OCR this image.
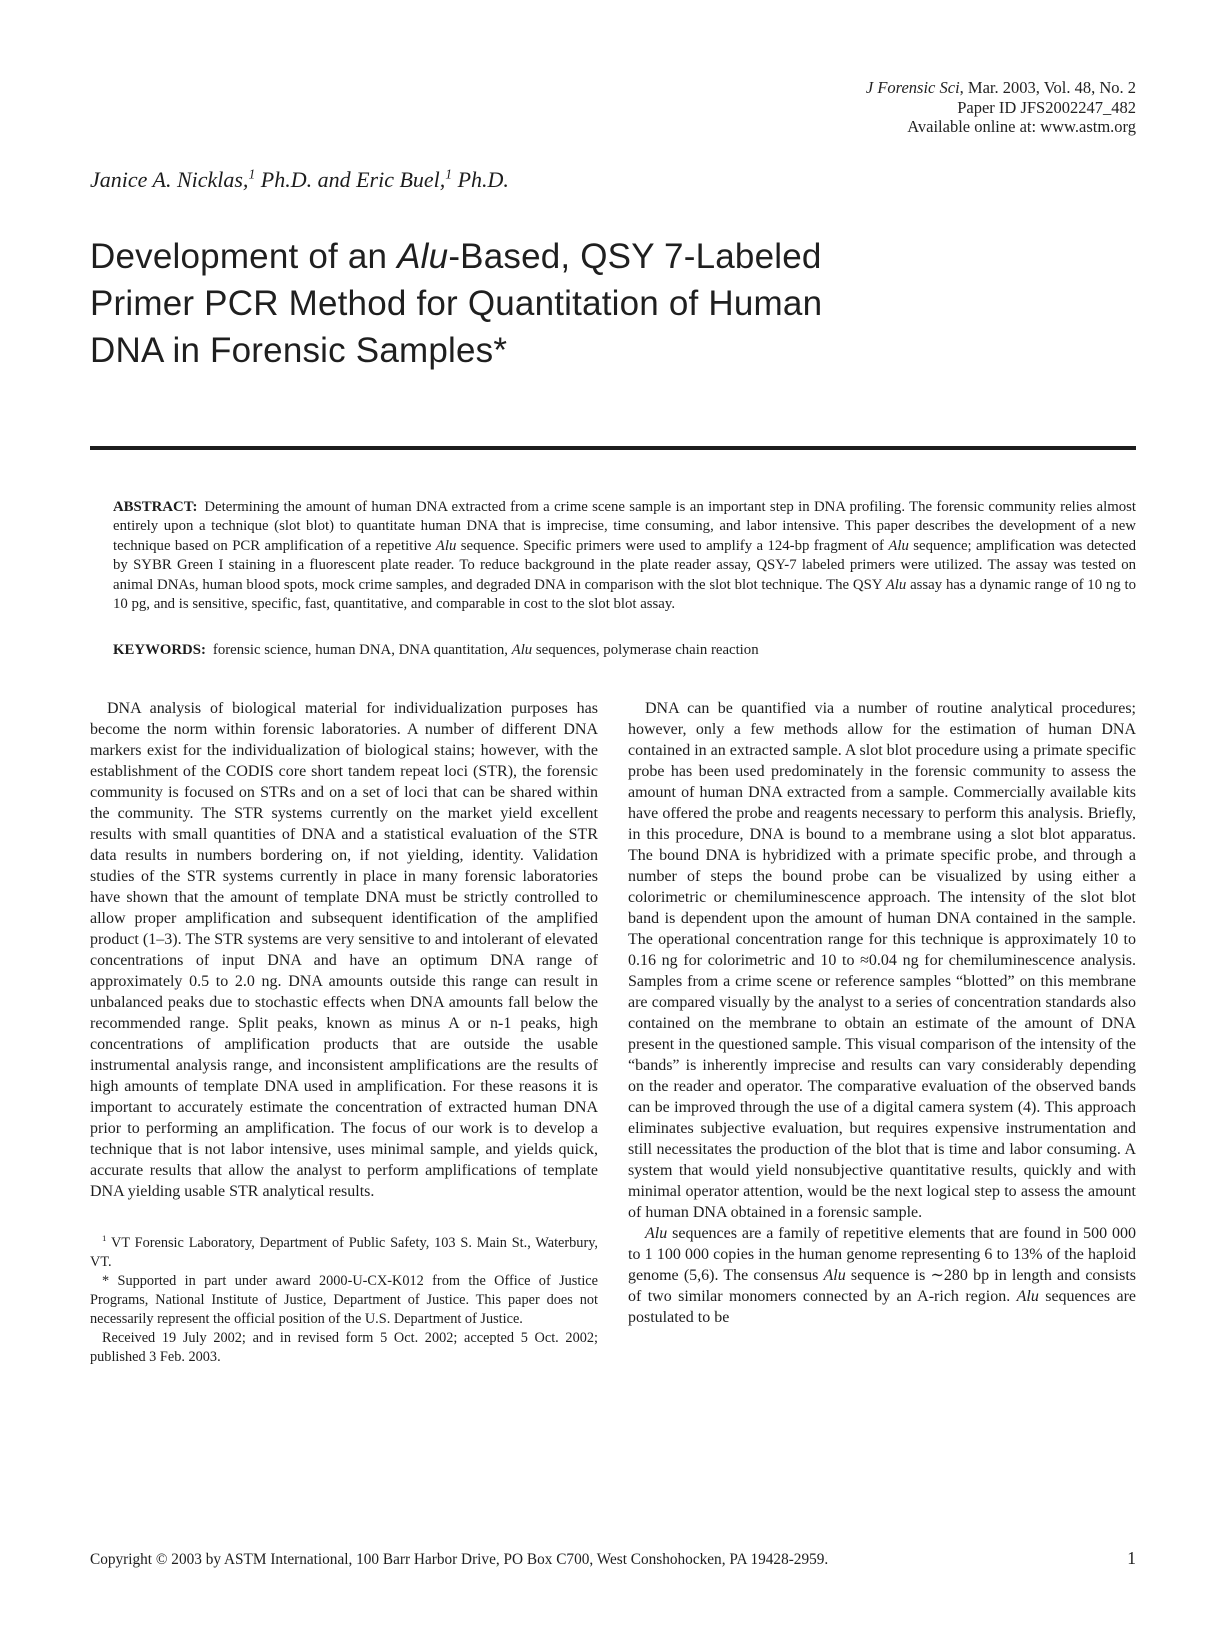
J Forensic Sci, Mar. 2003, Vol. 48, No. 2
Paper ID JFS2002247_482
Available online at: www.astm.org
Janice A. Nicklas,$^1$ Ph.D. and Eric Buel,$^1$ Ph.D.
Development of an Alu-Based, QSY 7-Labeled Primer PCR Method for Quantitation of Human DNA in Forensic Samples*

ABSTRACT: Determining the amount of human DNA extracted from a crime scene sample is an important step in DNA profiling. The forensic community relies almost entirely upon a technique (slot blot) to quantitate human DNA that is imprecise, time consuming, and labor intensive. This paper describes the development of a new technique based on PCR amplification of a repetitive Alu sequence. Specific primers were used to amplify a 124-bp fragment of Alu sequence; amplification was detected by SYBR Green I staining in a fluorescent plate reader. To reduce background in the plate reader assay, QSY-7 labeled primers were utilized. The assay was tested on animal DNAs, human blood spots, mock crime samples, and degraded DNA in comparison with the slot blot technique. The QSY Alu assay has a dynamic range of 10 ng to 10 pg, and is sensitive, specific, fast, quantitative, and comparable in cost to the slot blot assay.

KEYWORDS: forensic science, human DNA, DNA quantitation, Alu sequences, polymerase chain reaction

DNA analysis of biological material for individualization purposes has become the norm within forensic laboratories. A number of different DNA markers exist for the individualization of biological stains; however, with the establishment of the CODIS core short tandem repeat loci (STR), the forensic community is focused on STRs and on a set of loci that can be shared within the community. The STR systems currently on the market yield excellent results with small quantities of DNA and a statistical evaluation of the STR data results in numbers bordering on, if not yielding, identity. Validation studies of the STR systems currently in place in many forensic laboratories have shown that the amount of template DNA must be strictly controlled to allow proper amplification and subsequent identification of the amplified product (1–3). The STR systems are very sensitive to and intolerant of elevated concentrations of input DNA and have an optimum DNA range of approximately 0.5 to 2.0 ng. DNA amounts outside this range can result in unbalanced peaks due to stochastic effects when DNA amounts fall below the recommended range. Split peaks, known as minus A or n-1 peaks, high concentrations of amplification products that are outside the usable instrumental analysis range, and inconsistent amplifications are the results of high amounts of template DNA used in amplification. For these reasons it is important to accurately estimate the concentration of extracted human DNA prior to performing an amplification. The focus of our work is to develop a technique that is not labor intensive, uses minimal sample, and yields quick, accurate results that allow the analyst to perform amplifications of template DNA yielding usable STR analytical results.

$^1$ VT Forensic Laboratory, Department of Public Safety, 103 S. Main St., Waterbury, VT.

* Supported in part under award 2000-U-CX-K012 from the Office of Justice Programs, National Institute of Justice, Department of Justice. This paper does not necessarily represent the official position of the U.S. Department of Justice.

Received 19 July 2002; and in revised form 5 Oct. 2002; accepted 5 Oct. 2002; published 3 Feb. 2003.

DNA can be quantified via a number of routine analytical procedures; however, only a few methods allow for the estimation of human DNA contained in an extracted sample. A slot blot procedure using a primate specific probe has been used predominately in the forensic community to assess the amount of human DNA extracted from a sample. Commercially available kits have offered the probe and reagents necessary to perform this analysis. Briefly, in this procedure, DNA is bound to a membrane using a slot blot apparatus. The bound DNA is hybridized with a primate specific probe, and through a number of steps the bound probe can be visualized by using either a colorimetric or chemiluminescence approach. The intensity of the slot blot band is dependent upon the amount of human DNA contained in the sample. The operational concentration range for this technique is approximately 10 to 0.16 ng for colorimetric and 10 to ≈0.04 ng for chemiluminescence analysis. Samples from a crime scene or reference samples “blotted” on this membrane are compared visually by the analyst to a series of concentration standards also contained on the membrane to obtain an estimate of the amount of DNA present in the questioned sample. This visual comparison of the intensity of the “bands” is inherently imprecise and results can vary considerably depending on the reader and operator. The comparative evaluation of the observed bands can be improved through the use of a digital camera system (4). This approach eliminates subjective evaluation, but requires expensive instrumentation and still necessitates the production of the blot that is time and labor consuming. A system that would yield nonsubjective quantitative results, quickly and with minimal operator attention, would be the next logical step to assess the amount of human DNA obtained in a forensic sample.

Alu sequences are a family of repetitive elements that are found in 500 000 to 1 100 000 copies in the human genome representing 6 to 13% of the haploid genome (5,6). The consensus Alu sequence is ∼280 bp in length and consists of two similar monomers connected by an A-rich region. Alu sequences are postulated to be

Copyright © 2003 by ASTM International, 100 Barr Harbor Drive, PO Box C700, West Conshohocken, PA 19428-2959.	1
